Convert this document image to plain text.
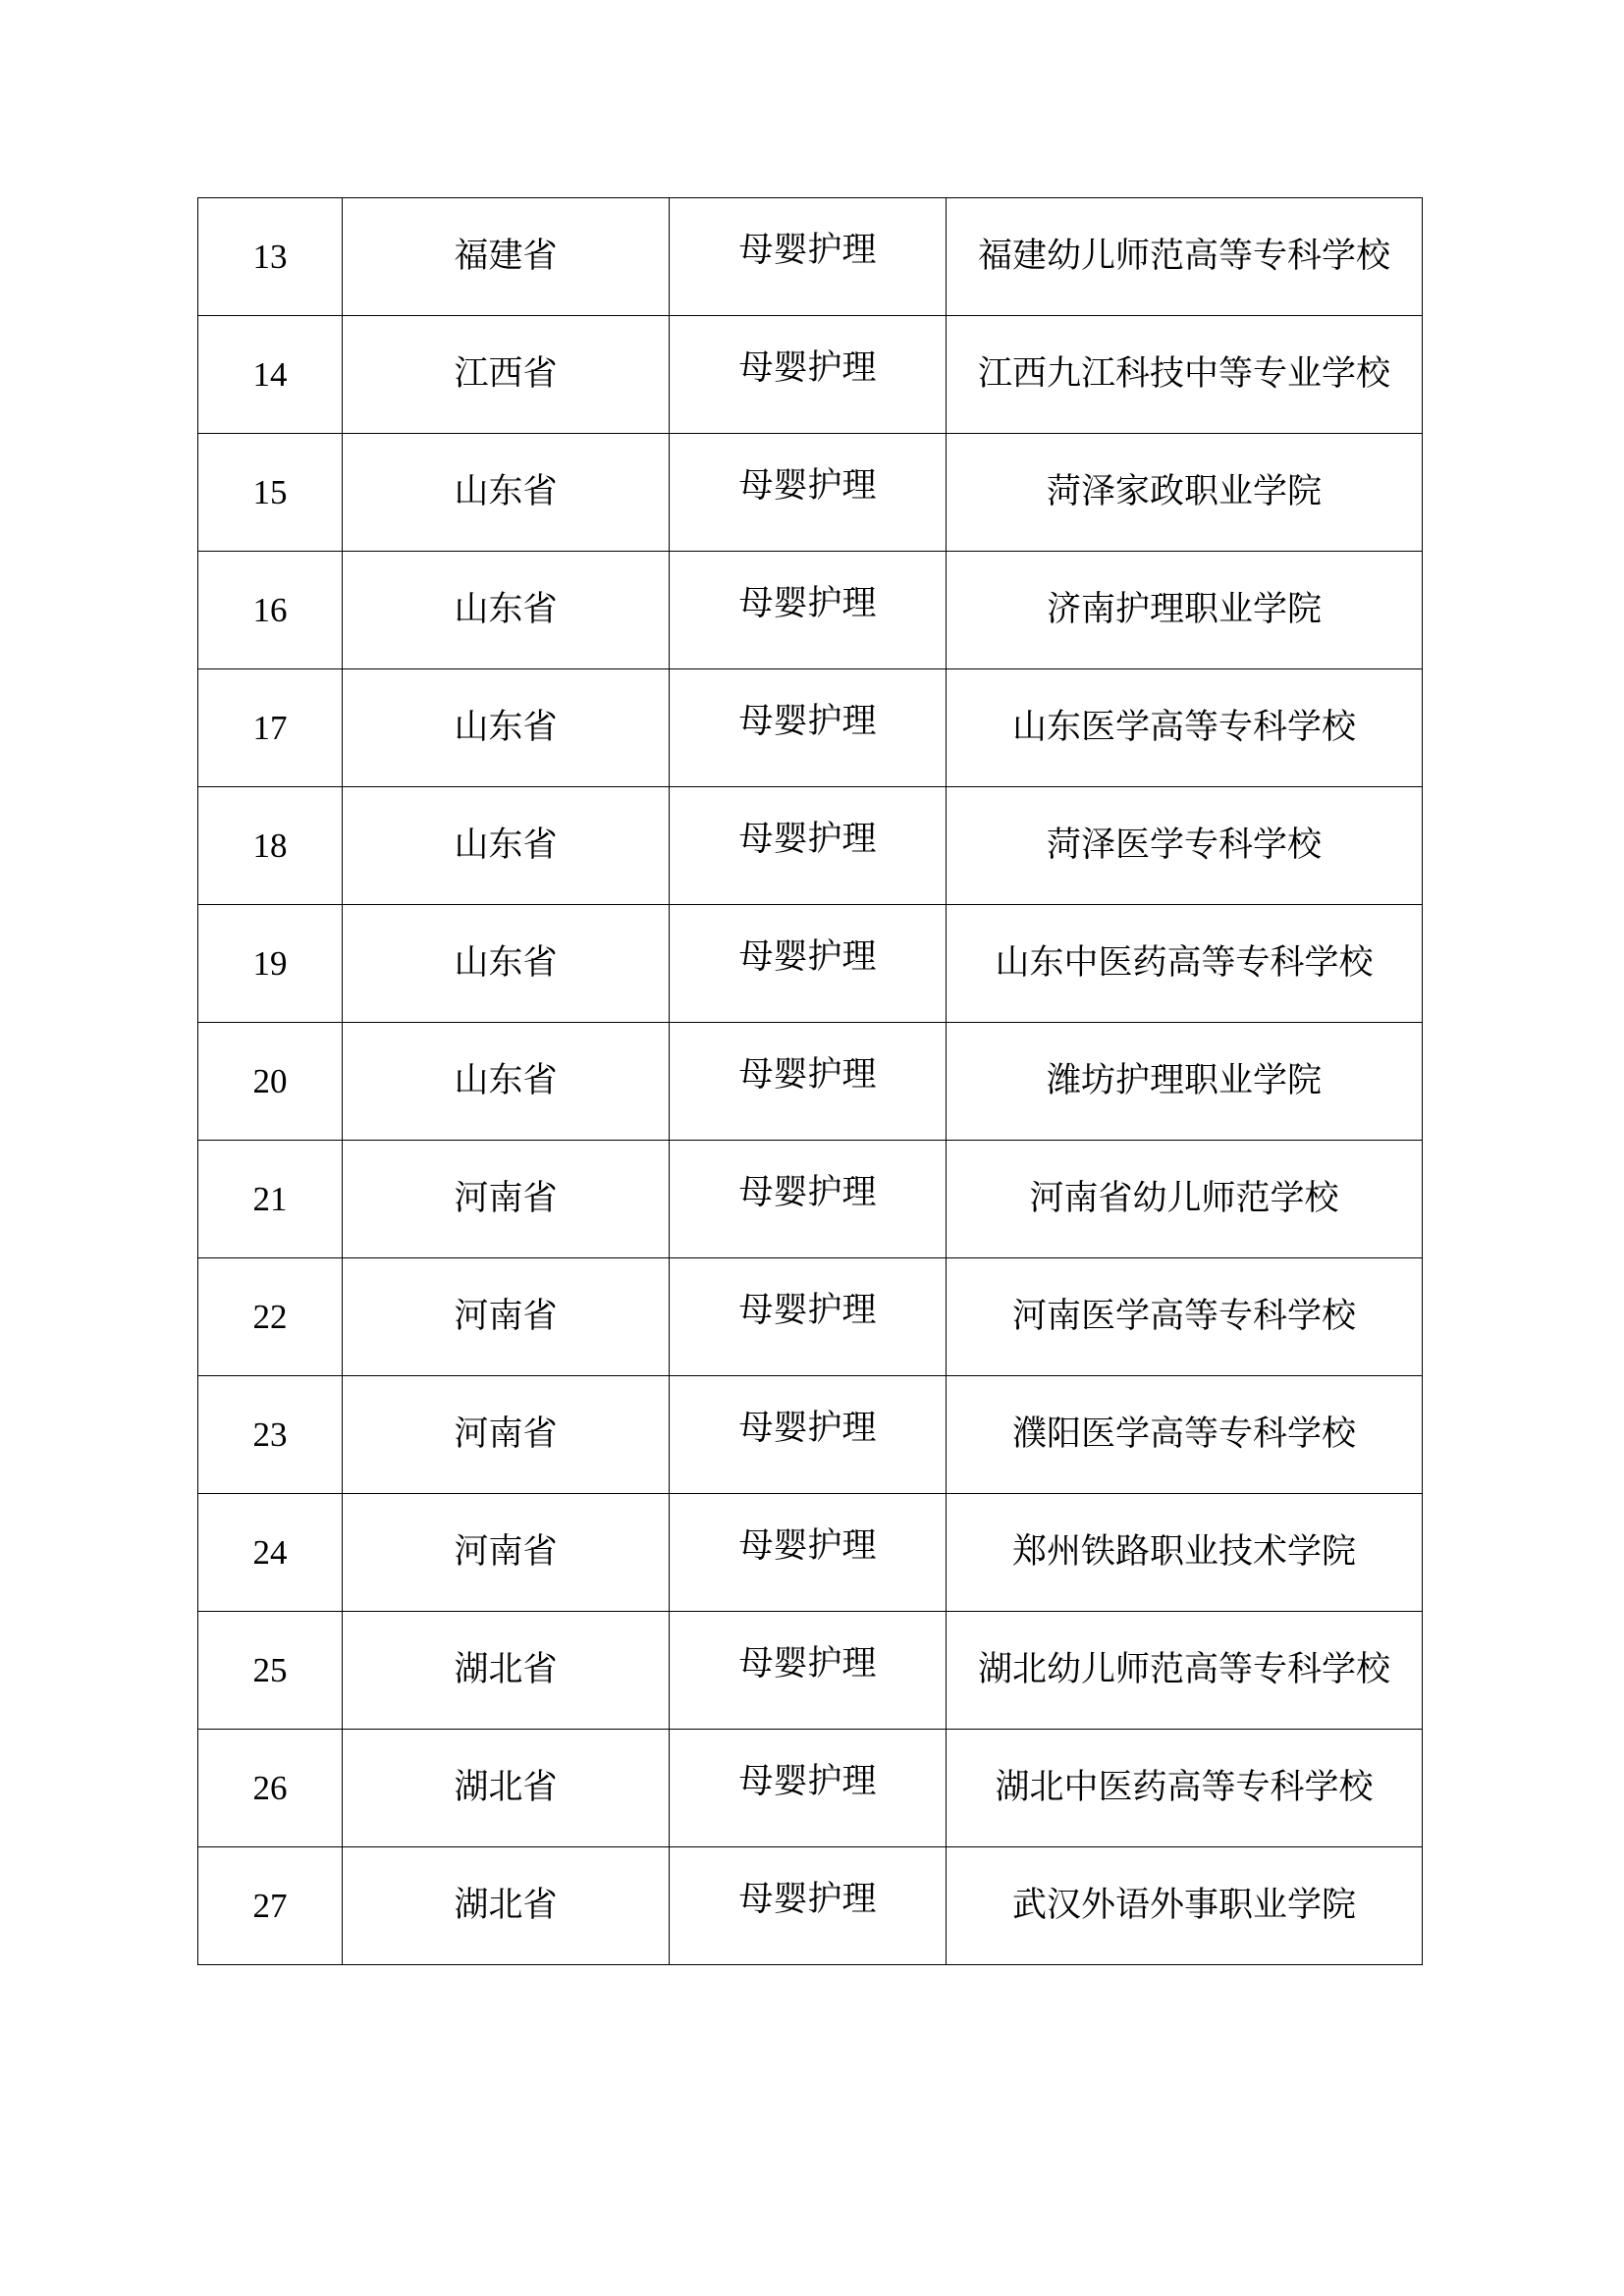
13	福建省	母婴护理	福建幼儿师范高等专科学校
14	江西省	母婴护理	江西九江科技中等专业学校
15	山东省	母婴护理	菏泽家政职业学院
16	山东省	母婴护理	济南护理职业学院
17	山东省	母婴护理	山东医学高等专科学校
18	山东省	母婴护理	菏泽医学专科学校
19	山东省	母婴护理	山东中医药高等专科学校
20	山东省	母婴护理	潍坊护理职业学院
21	河南省	母婴护理	河南省幼儿师范学校
22	河南省	母婴护理	河南医学高等专科学校
23	河南省	母婴护理	濮阳医学高等专科学校
24	河南省	母婴护理	郑州铁路职业技术学院
25	湖北省	母婴护理	湖北幼儿师范高等专科学校
26	湖北省	母婴护理	湖北中医药高等专科学校
27	湖北省	母婴护理	武汉外语外事职业学院
